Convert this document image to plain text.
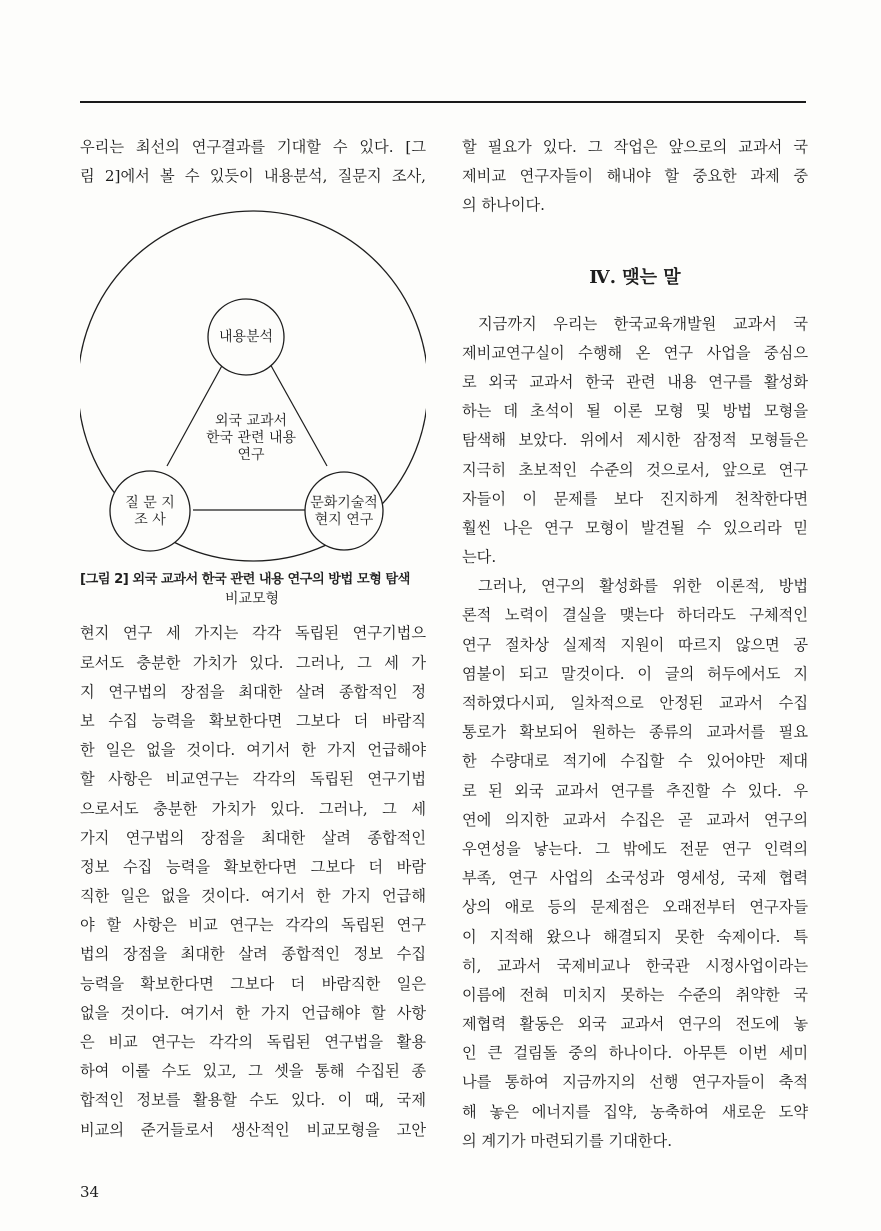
우리는 최선의 연구결과를 기대할 수 있다. [그
림 2]에서 볼 수 있듯이 내용분석, 질문지 조사,
내용분석
외국 교과서
한국 관련 내용
연구
질 문 지
조 사
문화기술적
현지 연구
비교모형
[그림 2] 외국 교과서 한국 관련 내용 연구의 방법 모형 탐색
현지 연구 세 가지는 각각 독립된 연구기법으
로서도 충분한 가치가 있다. 그러나, 그 세 가
지 연구법의 장점을 최대한 살려 종합적인 정
보 수집 능력을 확보한다면 그보다 더 바람직
한 일은 없을 것이다. 여기서 한 가지 언급해야
할 사항은 비교연구는 각각의 독립된 연구기법
으로서도 충분한 가치가 있다. 그러나, 그 세
가지 연구법의 장점을 최대한 살려 종합적인
정보 수집 능력을 확보한다면 그보다 더 바람
직한 일은 없을 것이다. 여기서 한 가지 언급해
야 할 사항은 비교 연구는 각각의 독립된 연구
법의 장점을 최대한 살려 종합적인 정보 수집
능력을 확보한다면 그보다 더 바람직한 일은
없을 것이다. 여기서 한 가지 언급해야 할 사항
은 비교 연구는 각각의 독립된 연구법을 활용
하여 이룰 수도 있고, 그 셋을 통해 수집된 종
합적인 정보를 활용할 수도 있다. 이 때, 국제
비교의 준거들로서 생산적인 비교모형을 고안
할 필요가 있다. 그 작업은 앞으로의 교과서 국
제비교 연구자들이 해내야 할 중요한 과제 중
의 하나이다.
Ⅳ. 맺는 말
지금까지 우리는 한국교육개발원 교과서 국
제비교연구실이 수행해 온 연구 사업을 중심으
로 외국 교과서 한국 관련 내용 연구를 활성화
하는 데 초석이 될 이론 모형 및 방법 모형을
탐색해 보았다. 위에서 제시한 잠정적 모형들은
지극히 초보적인 수준의 것으로서, 앞으로 연구
자들이 이 문제를 보다 진지하게 천착한다면
훨씬 나은 연구 모형이 발견될 수 있으리라 믿
는다.
그러나, 연구의 활성화를 위한 이론적, 방법
론적 노력이 결실을 맺는다 하더라도 구체적인
연구 절차상 실제적 지원이 따르지 않으면 공
염불이 되고 말것이다. 이 글의 허두에서도 지
적하였다시피, 일차적으로 안정된 교과서 수집
통로가 확보되어 원하는 종류의 교과서를 필요
한 수량대로 적기에 수집할 수 있어야만 제대
로 된 외국 교과서 연구를 추진할 수 있다. 우
연에 의지한 교과서 수집은 곧 교과서 연구의
우연성을 낳는다. 그 밖에도 전문 연구 인력의
부족, 연구 사업의 소국성과 영세성, 국제 협력
상의 애로 등의 문제점은 오래전부터 연구자들
이 지적해 왔으나 해결되지 못한 숙제이다. 특
히, 교과서 국제비교나 한국관 시정사업이라는
이름에 전혀 미치지 못하는 수준의 취약한 국
제협력 활동은 외국 교과서 연구의 전도에 놓
인 큰 걸림돌 중의 하나이다. 아무튼 이번 세미
나를 통하여 지금까지의 선행 연구자들이 축적
해 놓은 에너지를 집약, 농축하여 새로운 도약
의 계기가 마련되기를 기대한다.
34
